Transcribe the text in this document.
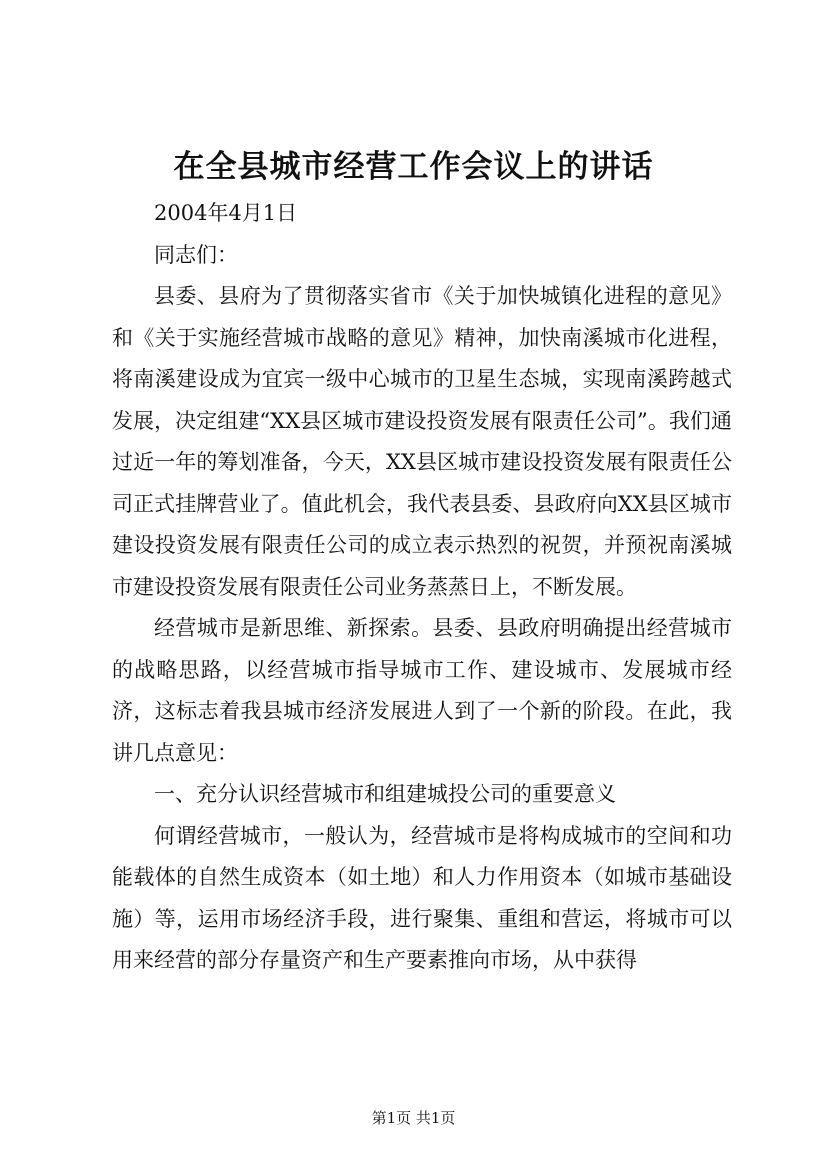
在全县城市经营工作会议上的讲话

2004年4月1日

同志们：

县委、县府为了贯彻落实省市《关于加快城镇化进程的意见》和《关于实施经营城市战略的意见》精神，加快南溪城市化进程，将南溪建设成为宜宾一级中心城市的卫星生态城，实现南溪跨越式发展，决定组建“XX县区城市建设投资发展有限责任公司”。我们通过近一年的筹划准备，今天，XX县区城市建设投资发展有限责任公司正式挂牌营业了。值此机会，我代表县委、县政府向XX县区城市建设投资发展有限责任公司的成立表示热烈的祝贺，并预祝南溪城市建设投资发展有限责任公司业务蒸蒸日上，不断发展。

经营城市是新思维、新探索。县委、县政府明确提出经营城市的战略思路，以经营城市指导城市工作、建设城市、发展城市经济，这标志着我县城市经济发展进人到了一个新的阶段。在此，我讲几点意见：

一、充分认识经营城市和组建城投公司的重要意义

何谓经营城市，一般认为，经营城市是将构成城市的空间和功能载体的自然生成资本（如土地）和人力作用资本（如城市基础设施）等，运用市场经济手段，进行聚集、重组和营运，将城市可以用来经营的部分存量资产和生产要素推向市场，从中获得

第1页 共1页
